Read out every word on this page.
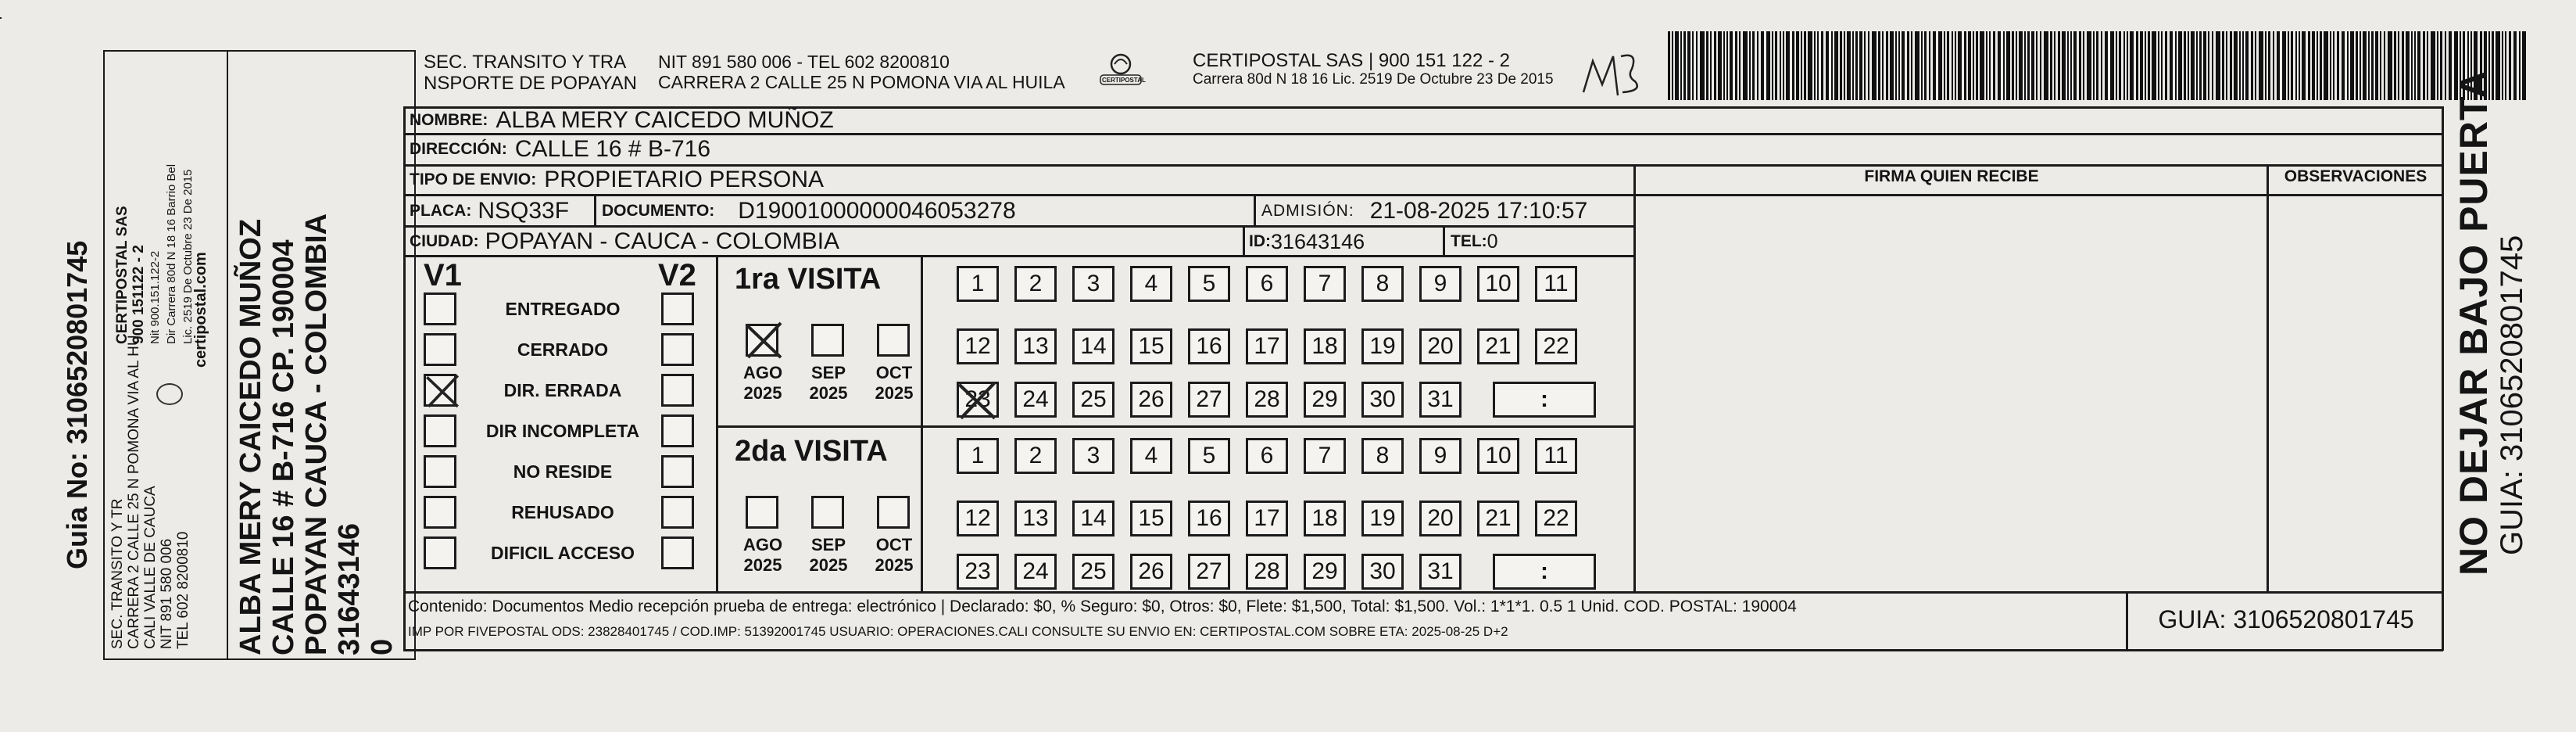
Guia No: 3106520801745
SEC. TRANSITO Y TR CARRERA 2 CALLE 25 N POMONA VIA AL HU CALI VALLE DE CAUCA NIT 891 580 006 TEL 602 8200810
CERTIPOSTAL SAS 900 151122 - 2 Nit 900.151.122-2 Dir Carrera 80d N 18 16 Barrio Bel Lic. 2519 De Octubre 23 De 2015
certipostal.com ALBA MERY CAICEDO MUÑOZ CALLE 16 # B-716 CP. 190004 POPAYAN CAUCA - COLOMBIA 31643146 0
SEC. TRANSITO Y TRA
NSPORTE DE POPAYAN
NIT 891 580 006 - TEL 602 8200810
CARRERA 2 CALLE 25 N POMONA VIA AL HUILA	CERTIPOSTAL
CERTIPOSTAL SAS | 900 151 122 - 2
Carrera 80d N 18 16 Lic. 2519 De Octubre 23 De 2015
NOMBRE: ALBA MERY CAICEDO MUÑOZ
DIRECCIÓN: CALLE 16 # B-716
TIPO DE ENVIO: PROPIETARIO PERSONA	FIRMA QUIEN RECIBE	OBSERVACIONES
PLACA: NSQ33F DOCUMENTO: D19001000000046053278	ADMISIÓN: 21-08-2025 17:10:57
CIUDAD: POPAYAN - CAUCA - COLOMBIA	ID: 31643146	TEL: 0
V1	V2
ENTREGADO
CERRADO
DIR. ERRADA
DIR INCOMPLETA
NO RESIDE
REHUSADO
DIFICIL ACCESO
1ra VISITA
AGO
2025
SEP
2025
OCT
2025
1	2	3	4	5	6	7	8	9	10	11
12	13	14	15	16	17	18	19	20	21	22
23	24	25	26	27	28	29	30	31	:
2da VISITA
AGO
2025
SEP
2025
OCT
2025
1	2	3	4	5	6	7	8	9	10	11
12	13	14	15	16	17	18	19	20	21	22
23	24	25	26	27	28	29	30	31	:
Contenido: Documentos Medio recepción prueba de entrega: electrónico | Declarado: $0, % Seguro: $0, Otros: $0, Flete: $1,500, Total: $1,500. Vol.: 1*1*1. 0.5 1 Unid. COD. POSTAL: 190004
IMP POR FIVEPOSTAL ODS: 23828401745 / COD.IMP: 51392001745 USUARIO: OPERACIONES.CALI CONSULTE SU ENVIO EN: CERTIPOSTAL.COM SOBRE ETA: 2025-08-25 D+2	GUIA: 3106520801745
NO DEJAR BAJO PUERTA GUIA: 3106520801745
